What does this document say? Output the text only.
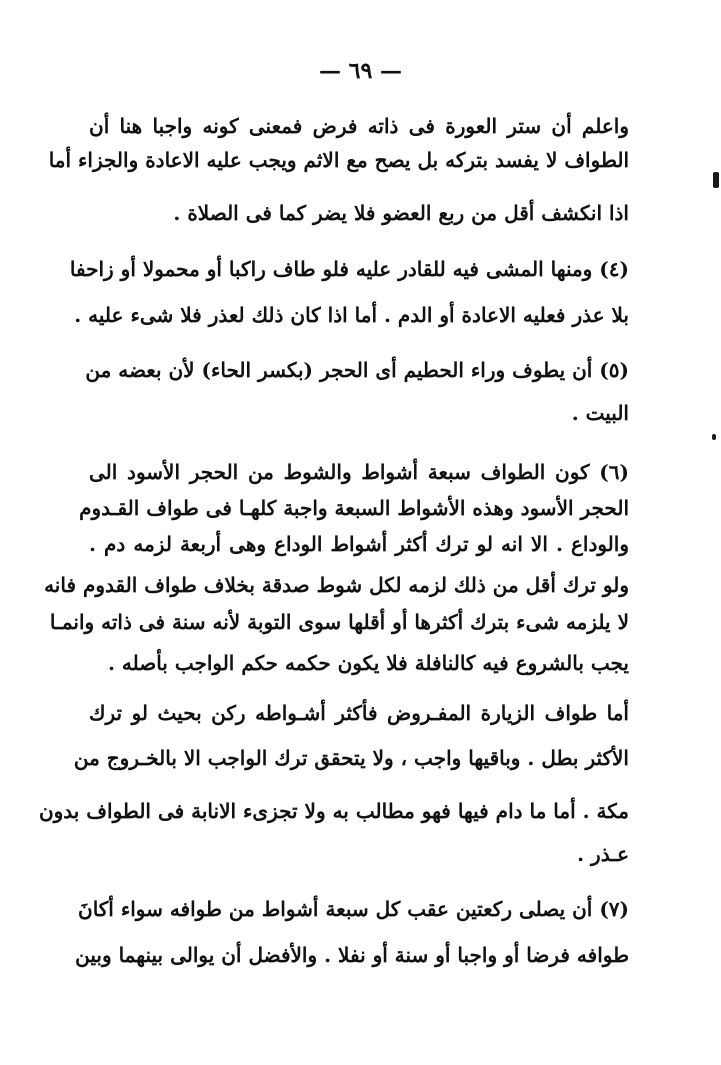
— ٦٩ —
واعلم أن ستر العورة فى ذاته فرض فمعنى كونه واجبا هنا أن
الطواف لا يفسد بتركه بل يصح مع الاثم ويجب عليه الاعادة والجزاء أما
اذا انكشف أقل من ربع العضو فلا يضر كما فى الصلاة .
(٤) ومنها المشى فيه للقادر عليه فلو طاف راكبا أو محمولا أو زاحفا
بلا عذر فعليه الاعادة أو الدم . أما اذا كان ذلك لعذر فلا شىء عليه .
(٥) أن يطوف وراء الحطيم أى الحجر (بكسر الحاء) لأن بعضه من
البيت .
(٦) كون الطواف سبعة أشواط والشوط من الحجر الأسود الى
الحجر الأسود وهذه الأشواط السبعة واجبة كلهـا فى طواف القـدوم
والوداع . الا انه لو ترك أكثر أشواط الوداع وهى أربعة لزمه دم .
ولو ترك أقل من ذلك لزمه لكل شوط صدقة بخلاف طواف القدوم فانه
لا يلزمه شىء بترك أكثرها أو أقلها سوى التوبة لأنه سنة فى ذاته وانمـا
يجب بالشروع فيه كالنافلة فلا يكون حكمه حكم الواجب بأصله .
أما طواف الزيارة المفـروض فأكثر أشـواطه ركن بحيث لو ترك
الأكثر بطل . وباقيها واجب ، ولا يتحقق ترك الواجب الا بالخـروج من
مكة . أما ما دام فيها فهو مطالب به ولا تجزىء الانابة فى الطواف بدون
عـذر .
(٧) أن يصلى ركعتين عقب كل سبعة أشواط من طوافه سواء أكانَ
طوافه فرضا أو واجبا أو سنة أو نفلا . والأفضل أن يوالى بينهما وبين
